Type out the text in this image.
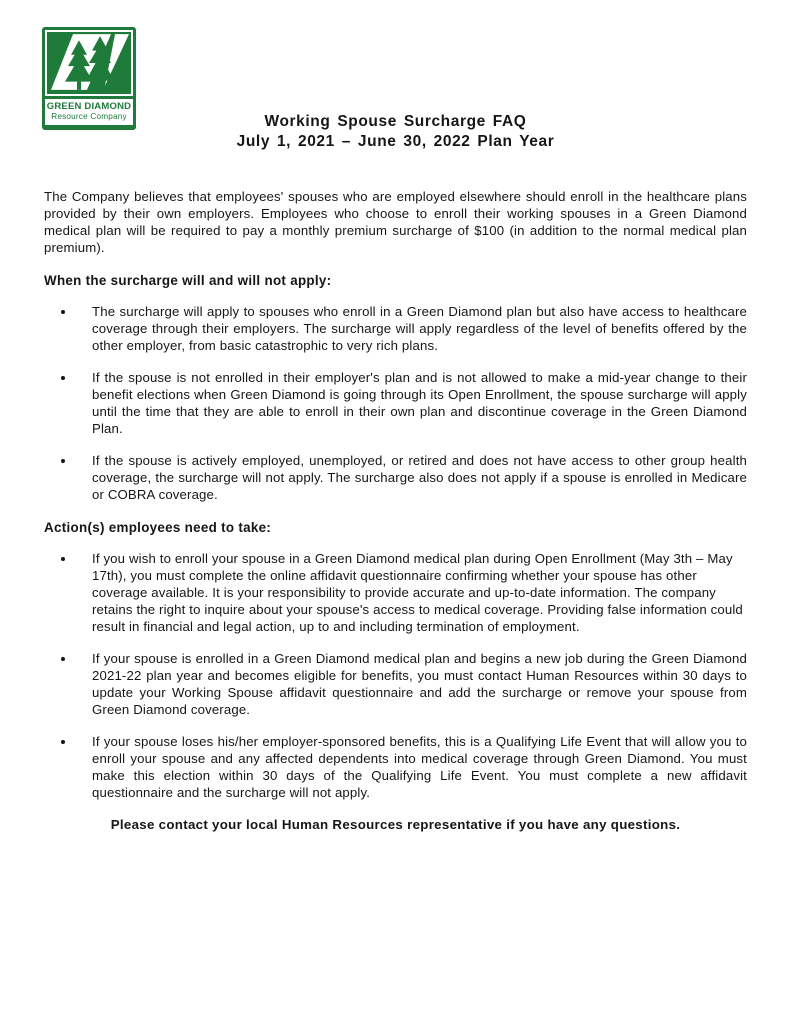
GREEN DIAMOND
Resource Company	Working Spouse Surcharge FAQ
July 1, 2021 – June 30, 2022 Plan Year

The Company believes that employees' spouses who are employed elsewhere should enroll in the healthcare plans provided by their own employers. Employees who choose to enroll their working spouses in a Green Diamond medical plan will be required to pay a monthly premium surcharge of $100 (in addition to the normal medical plan premium).

When the surcharge will and will not apply:
• The surcharge will apply to spouses who enroll in a Green Diamond plan but also have access to healthcare coverage through their employers. The surcharge will apply regardless of the level of benefits offered by the other employer, from basic catastrophic to very rich plans.
• If the spouse is not enrolled in their employer's plan and is not allowed to make a mid-year change to their benefit elections when Green Diamond is going through its Open Enrollment, the spouse surcharge will apply until the time that they are able to enroll in their own plan and discontinue coverage in the Green Diamond Plan.
• If the spouse is actively employed, unemployed, or retired and does not have access to other group health coverage, the surcharge will not apply. The surcharge also does not apply if a spouse is enrolled in Medicare or COBRA coverage.
Action(s) employees need to take:
• If you wish to enroll your spouse in a Green Diamond medical plan during Open Enrollment (May 3th – May 17th), you must complete the online affidavit questionnaire confirming whether your spouse has other coverage available. It is your responsibility to provide accurate and up-to-date information. The company retains the right to inquire about your spouse's access to medical coverage. Providing false information could result in financial and legal action, up to and including termination of employment.
• If your spouse is enrolled in a Green Diamond medical plan and begins a new job during the Green Diamond 2021-22 plan year and becomes eligible for benefits, you must contact Human Resources within 30 days to update your Working Spouse affidavit questionnaire and add the surcharge or remove your spouse from Green Diamond coverage.
• If your spouse loses his/her employer-sponsored benefits, this is a Qualifying Life Event that will allow you to enroll your spouse and any affected dependents into medical coverage through Green Diamond. You must make this election within 30 days of the Qualifying Life Event. You must complete a new affidavit questionnaire and the surcharge will not apply.

Please contact your local Human Resources representative if you have any questions.
